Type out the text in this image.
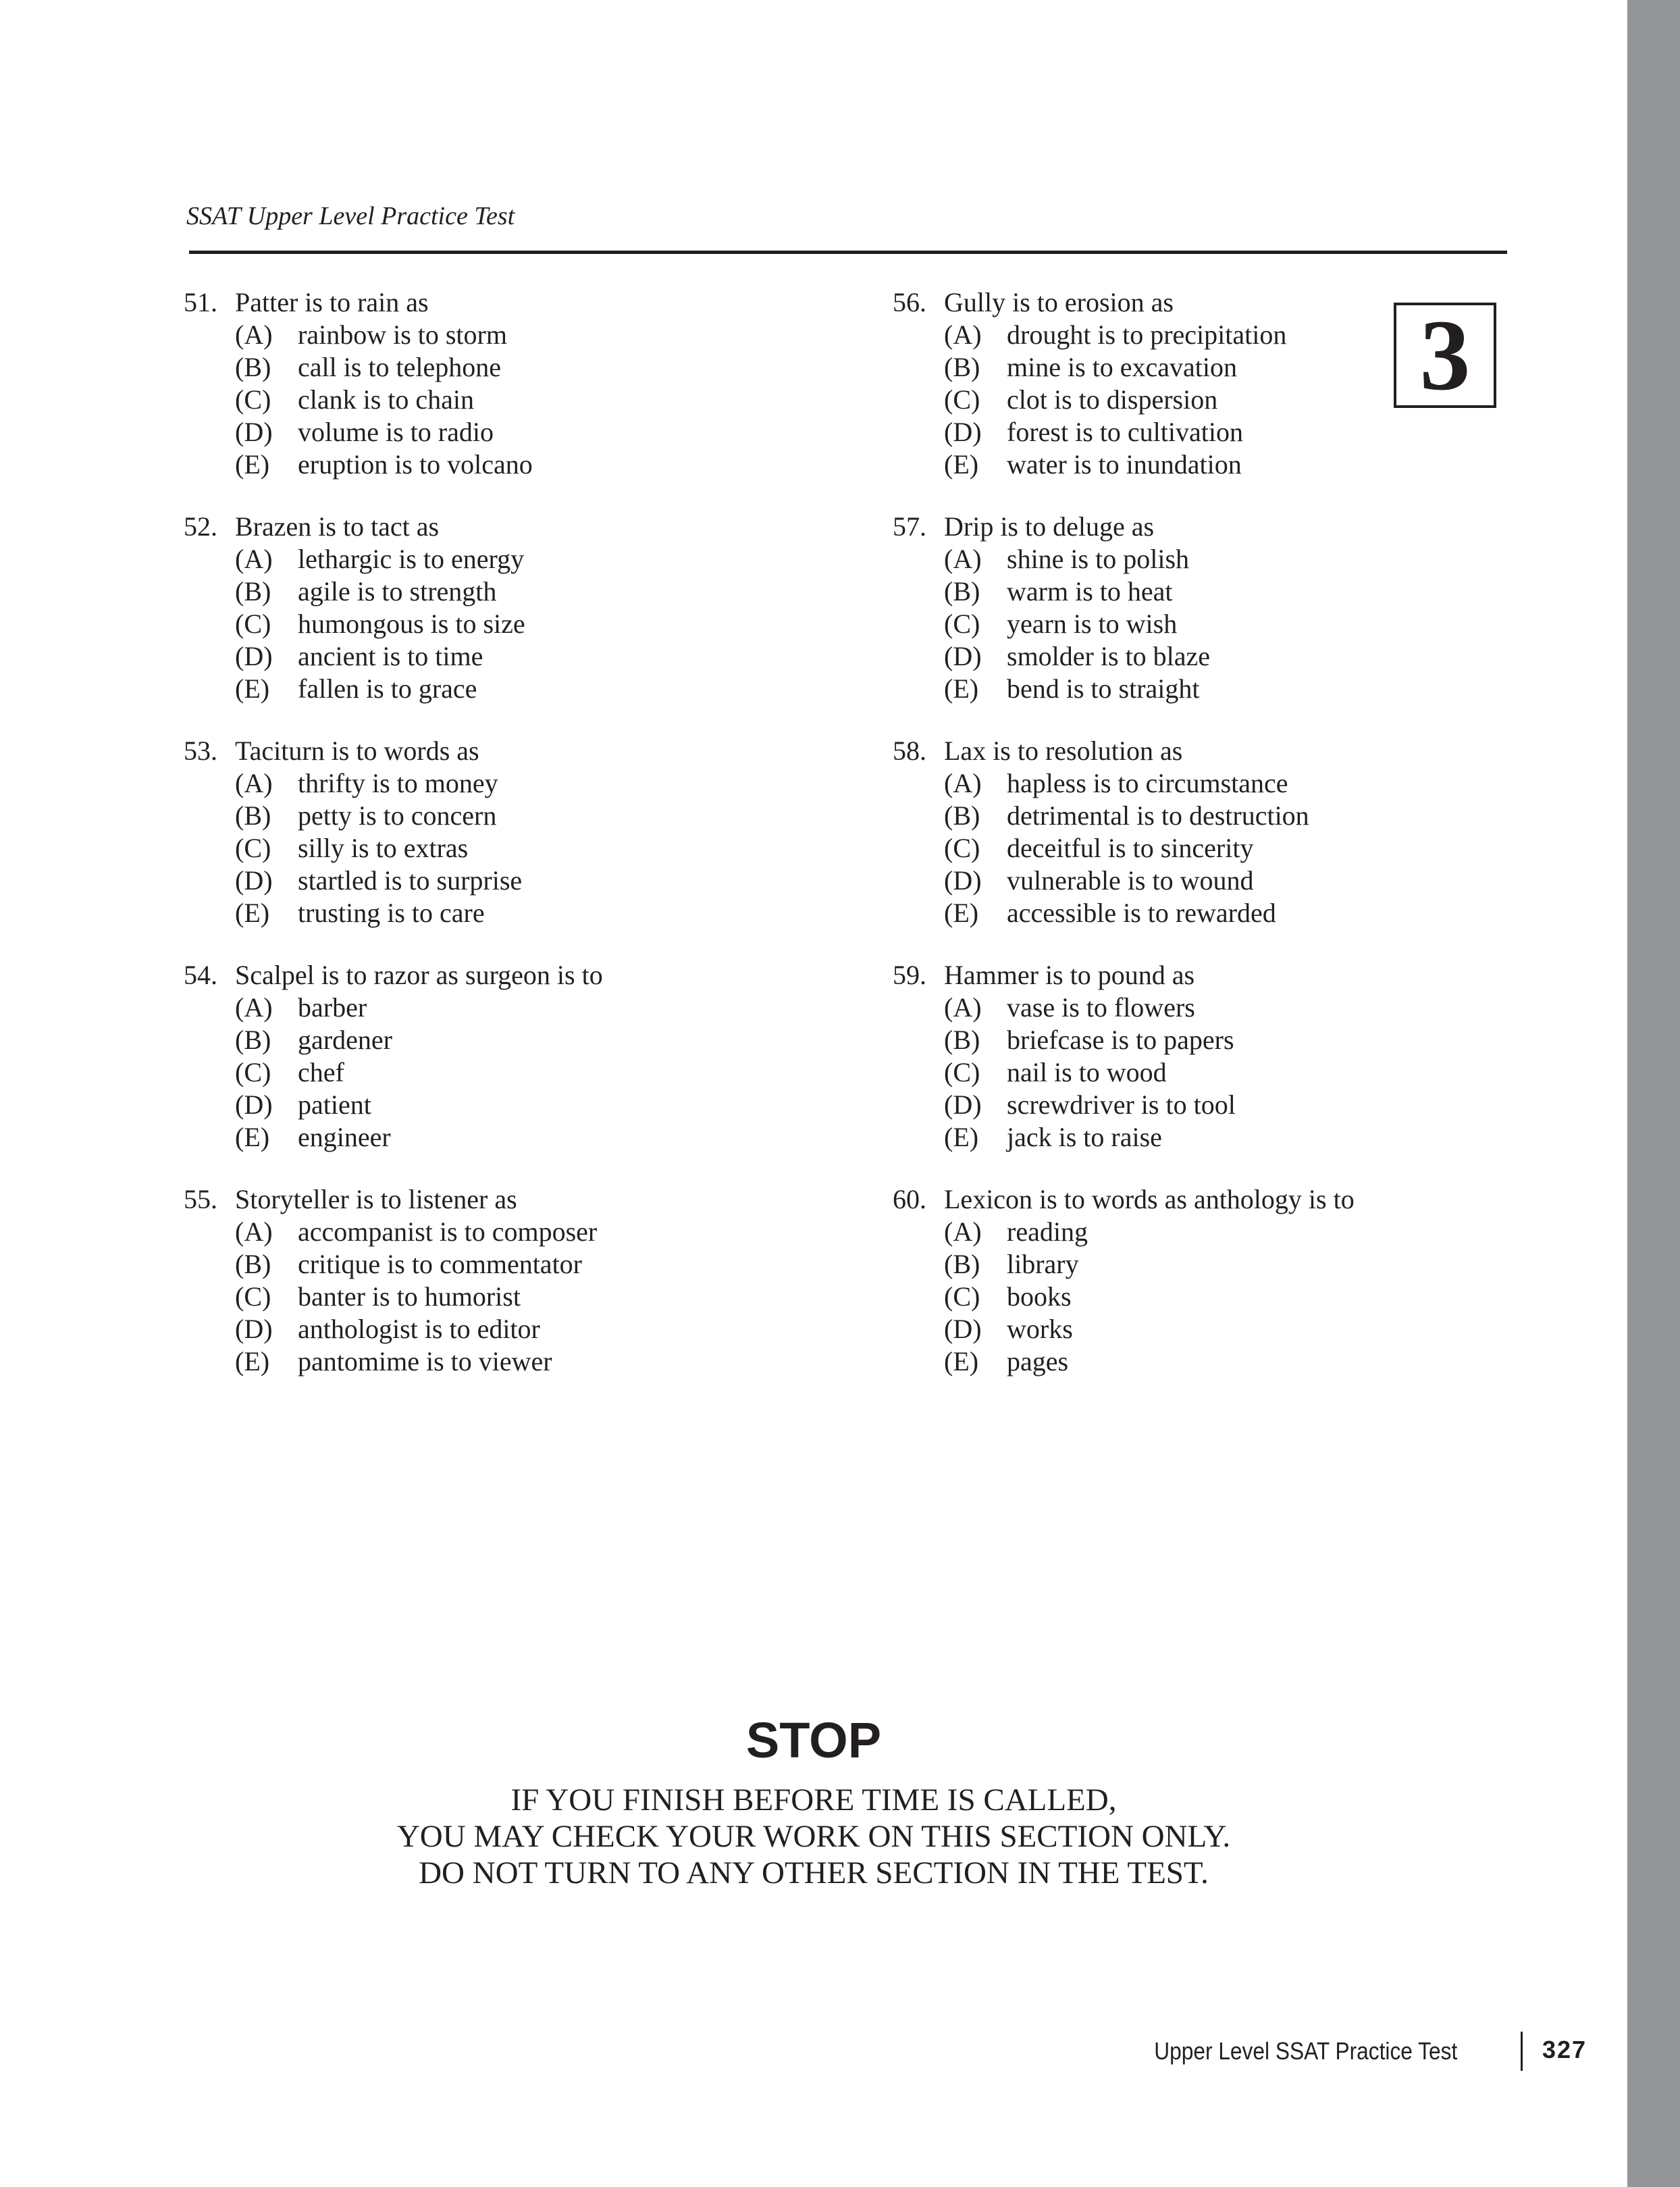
SSAT Upper Level Practice Test
3
51. Patter is to rain as
(A) rainbow is to storm
(B) call is to telephone
(C) clank is to chain
(D) volume is to radio
(E) eruption is to volcano
52. Brazen is to tact as
(A) lethargic is to energy
(B) agile is to strength
(C) humongous is to size
(D) ancient is to time
(E) fallen is to grace
53. Taciturn is to words as
(A) thrifty is to money
(B) petty is to concern
(C) silly is to extras
(D) startled is to surprise
(E) trusting is to care
54. Scalpel is to razor as surgeon is to
(A) barber
(B) gardener
(C) chef
(D) patient
(E) engineer
55. Storyteller is to listener as
(A) accompanist is to composer
(B) critique is to commentator
(C) banter is to humorist
(D) anthologist is to editor
(E) pantomime is to viewer
56. Gully is to erosion as
(A) drought is to precipitation
(B) mine is to excavation
(C) clot is to dispersion
(D) forest is to cultivation
(E) water is to inundation
57. Drip is to deluge as
(A) shine is to polish
(B) warm is to heat
(C) yearn is to wish
(D) smolder is to blaze
(E) bend is to straight
58. Lax is to resolution as
(A) hapless is to circumstance
(B) detrimental is to destruction
(C) deceitful is to sincerity
(D) vulnerable is to wound
(E) accessible is to rewarded
59. Hammer is to pound as
(A) vase is to flowers
(B) briefcase is to papers
(C) nail is to wood
(D) screwdriver is to tool
(E) jack is to raise
60. Lexicon is to words as anthology is to
(A) reading
(B) library
(C) books
(D) works
(E) pages
STOP
IF YOU FINISH BEFORE TIME IS CALLED,
YOU MAY CHECK YOUR WORK ON THIS SECTION ONLY.
DO NOT TURN TO ANY OTHER SECTION IN THE TEST.
Upper Level SSAT Practice Test	327
